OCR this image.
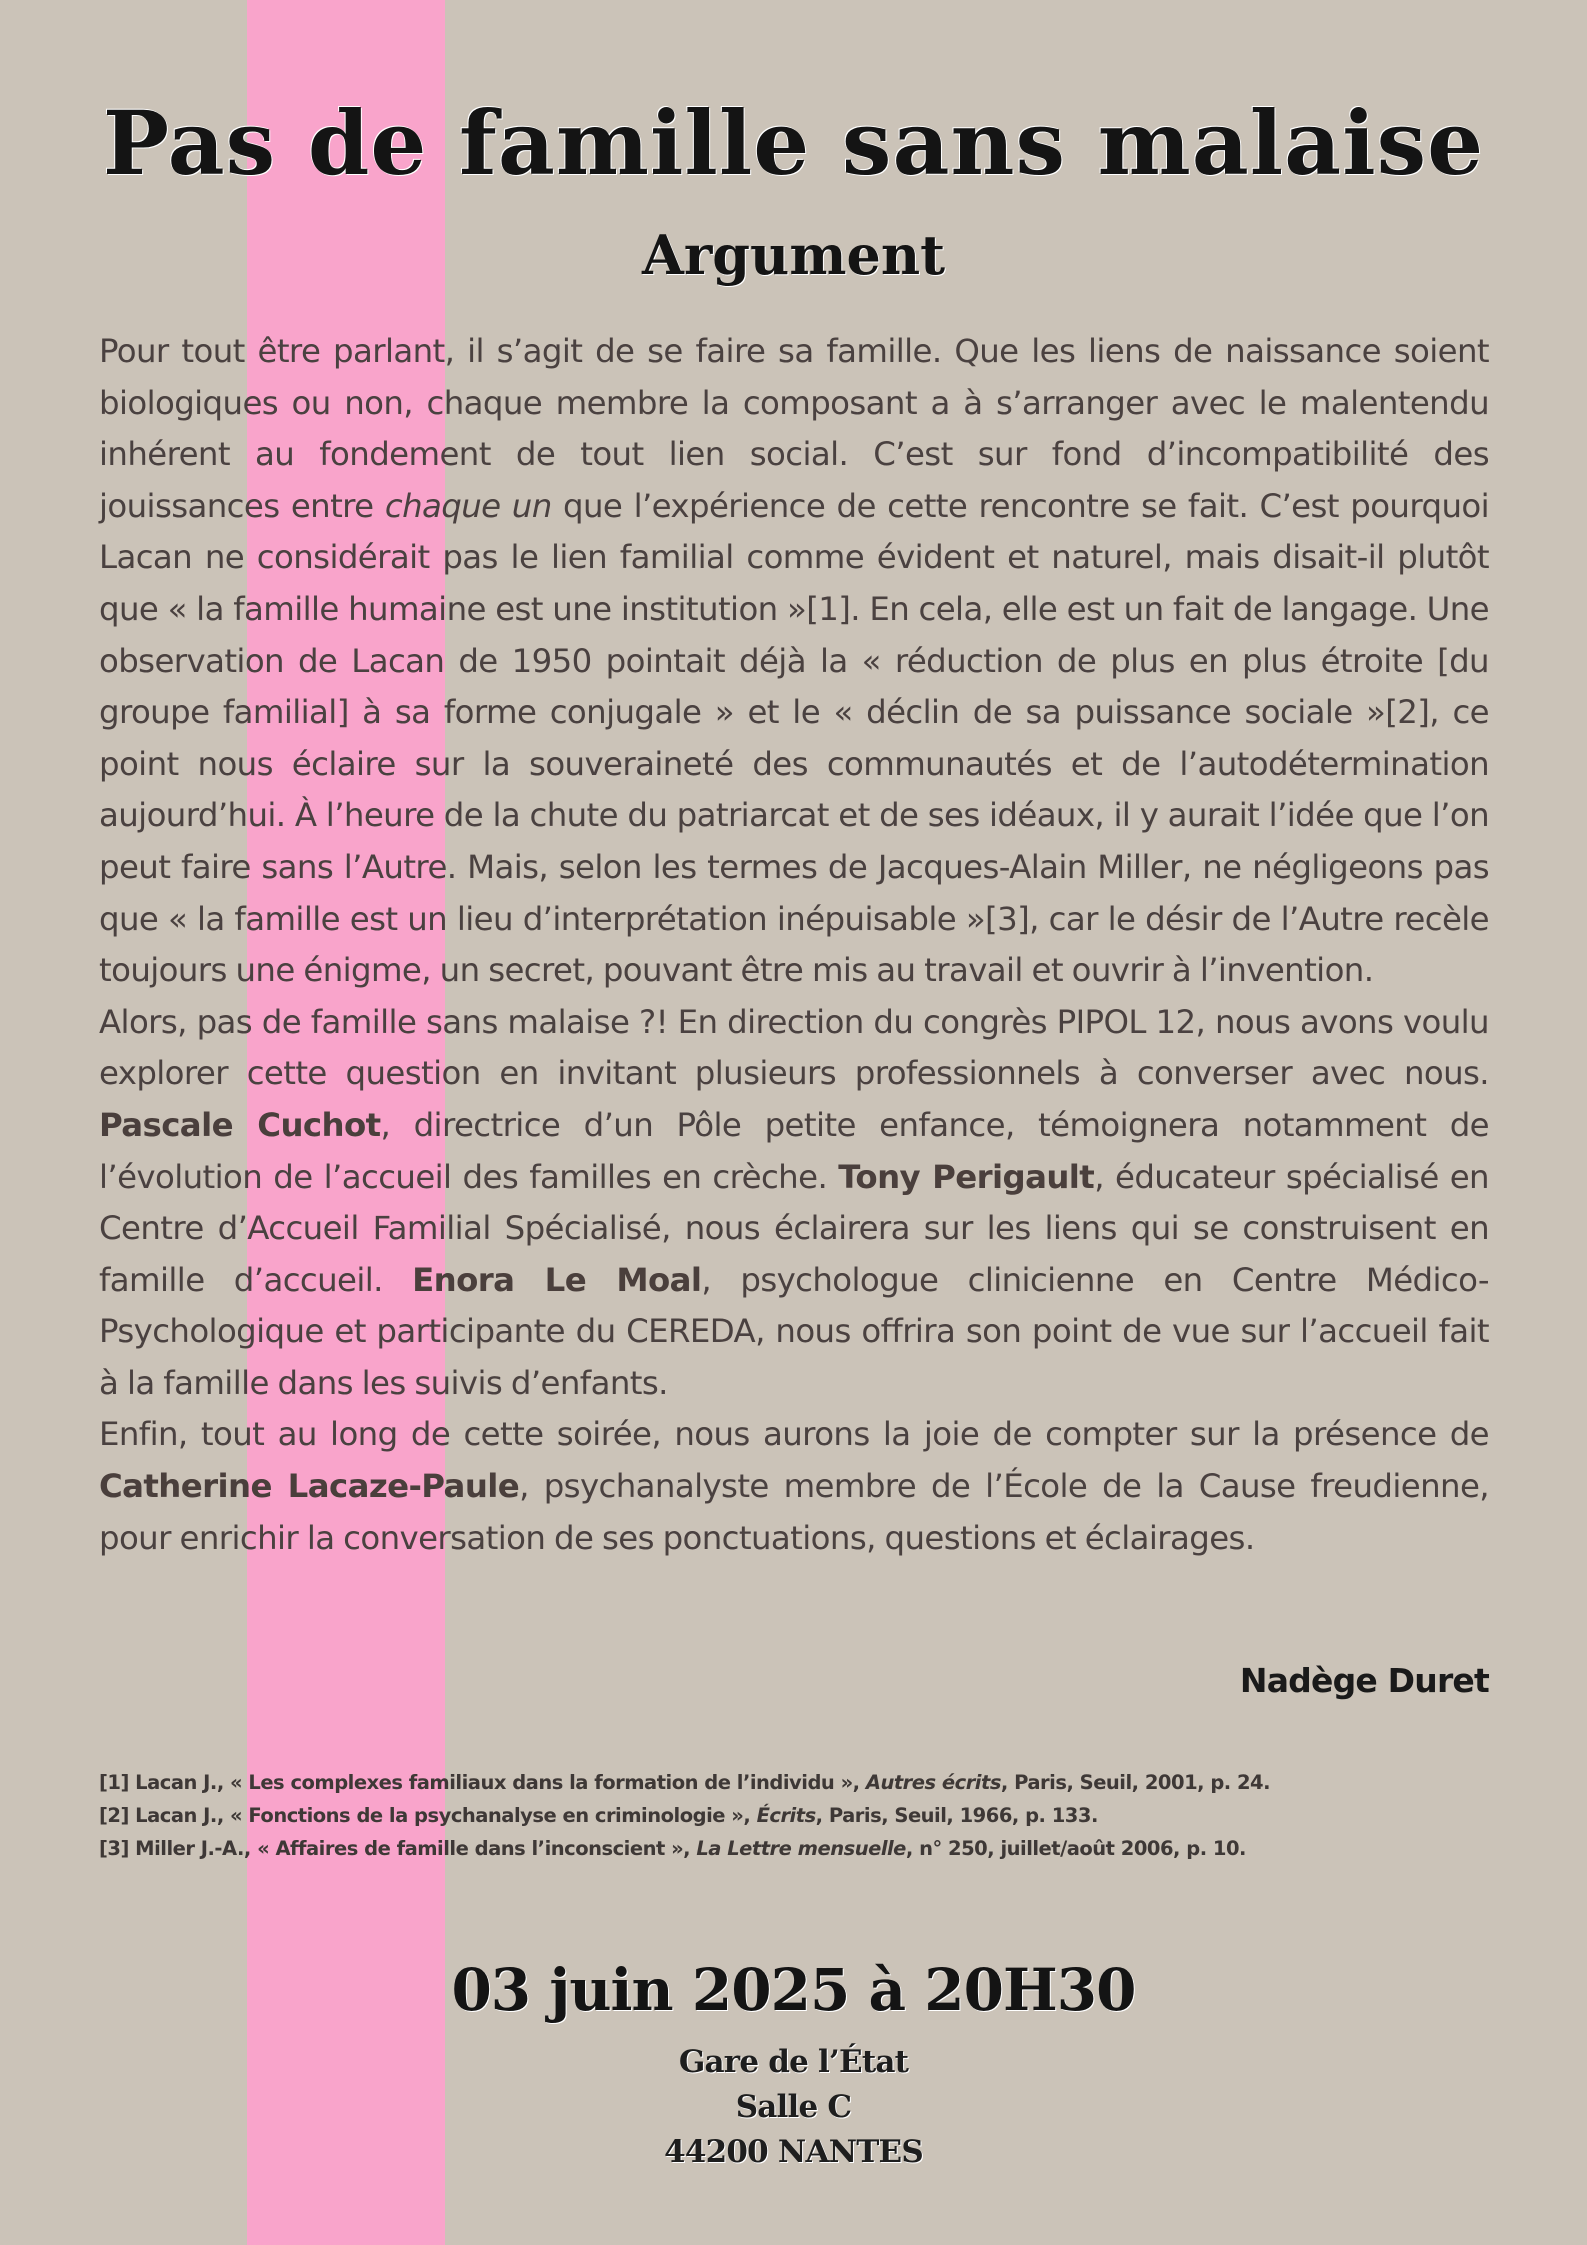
Pas de famille sans malaise
Argument

Pour tout être parlant, il s’agit de se faire sa famille. Que les liens de naissance soient biologiques ou non, chaque membre la composant a à s’arranger avec le malentendu inhérent au fondement de tout lien social. C’est sur fond d’incompatibilité des jouissances entre chaque un que l’expérience de cette rencontre se fait. C’est pourquoi Lacan ne considérait pas le lien familial comme évident et naturel, mais disait-il plutôt que « la famille humaine est une institution »[1]. En cela, elle est un fait de langage. Une observation de Lacan de 1950 pointait déjà la « réduction de plus en plus étroite [du groupe familial] à sa forme conjugale » et le « déclin de sa puissance sociale »[2], ce point nous éclaire sur la souveraineté des communautés et de l’autodétermination aujourd’hui. À l’heure de la chute du patriarcat et de ses idéaux, il y aurait l’idée que l’on peut faire sans l’Autre. Mais, selon les termes de Jacques-Alain Miller, ne négligeons pas que « la famille est un lieu d’interprétation inépuisable »[3], car le désir de l’Autre recèle toujours une énigme, un secret, pouvant être mis au travail et ouvrir à l’invention.

Alors, pas de famille sans malaise ?! En direction du congrès PIPOL 12, nous avons voulu explorer cette question en invitant plusieurs professionnels à converser avec nous. Pascale Cuchot, directrice d’un Pôle petite enfance, témoignera notamment de l’évolution de l’accueil des familles en crèche. Tony Perigault, éducateur spécialisé en Centre d’Accueil Familial Spécialisé, nous éclairera sur les liens qui se construisent en famille d’accueil. Enora Le Moal, psychologue clinicienne en Centre Médico-Psychologique et participante du CEREDA, nous offrira son point de vue sur l’accueil fait à la famille dans les suivis d’enfants.

Enfin, tout au long de cette soirée, nous aurons la joie de compter sur la présence de Catherine Lacaze-Paule, psychanalyste membre de l’École de la Cause freudienne, pour enrichir la conversation de ses ponctuations, questions et éclairages.

Nadège Duret
[1] Lacan J., « Les complexes familiaux dans la formation de l’individu », Autres écrits, Paris, Seuil, 2001, p. 24.
[2] Lacan J., « Fonctions de la psychanalyse en criminologie », Écrits, Paris, Seuil, 1966, p. 133.
[3] Miller J.-A., « Affaires de famille dans l’inconscient », La Lettre mensuelle, n° 250, juillet/août 2006, p. 10.
03 juin 2025 à 20H30
Gare de l’État
Salle C
44200 NANTES
